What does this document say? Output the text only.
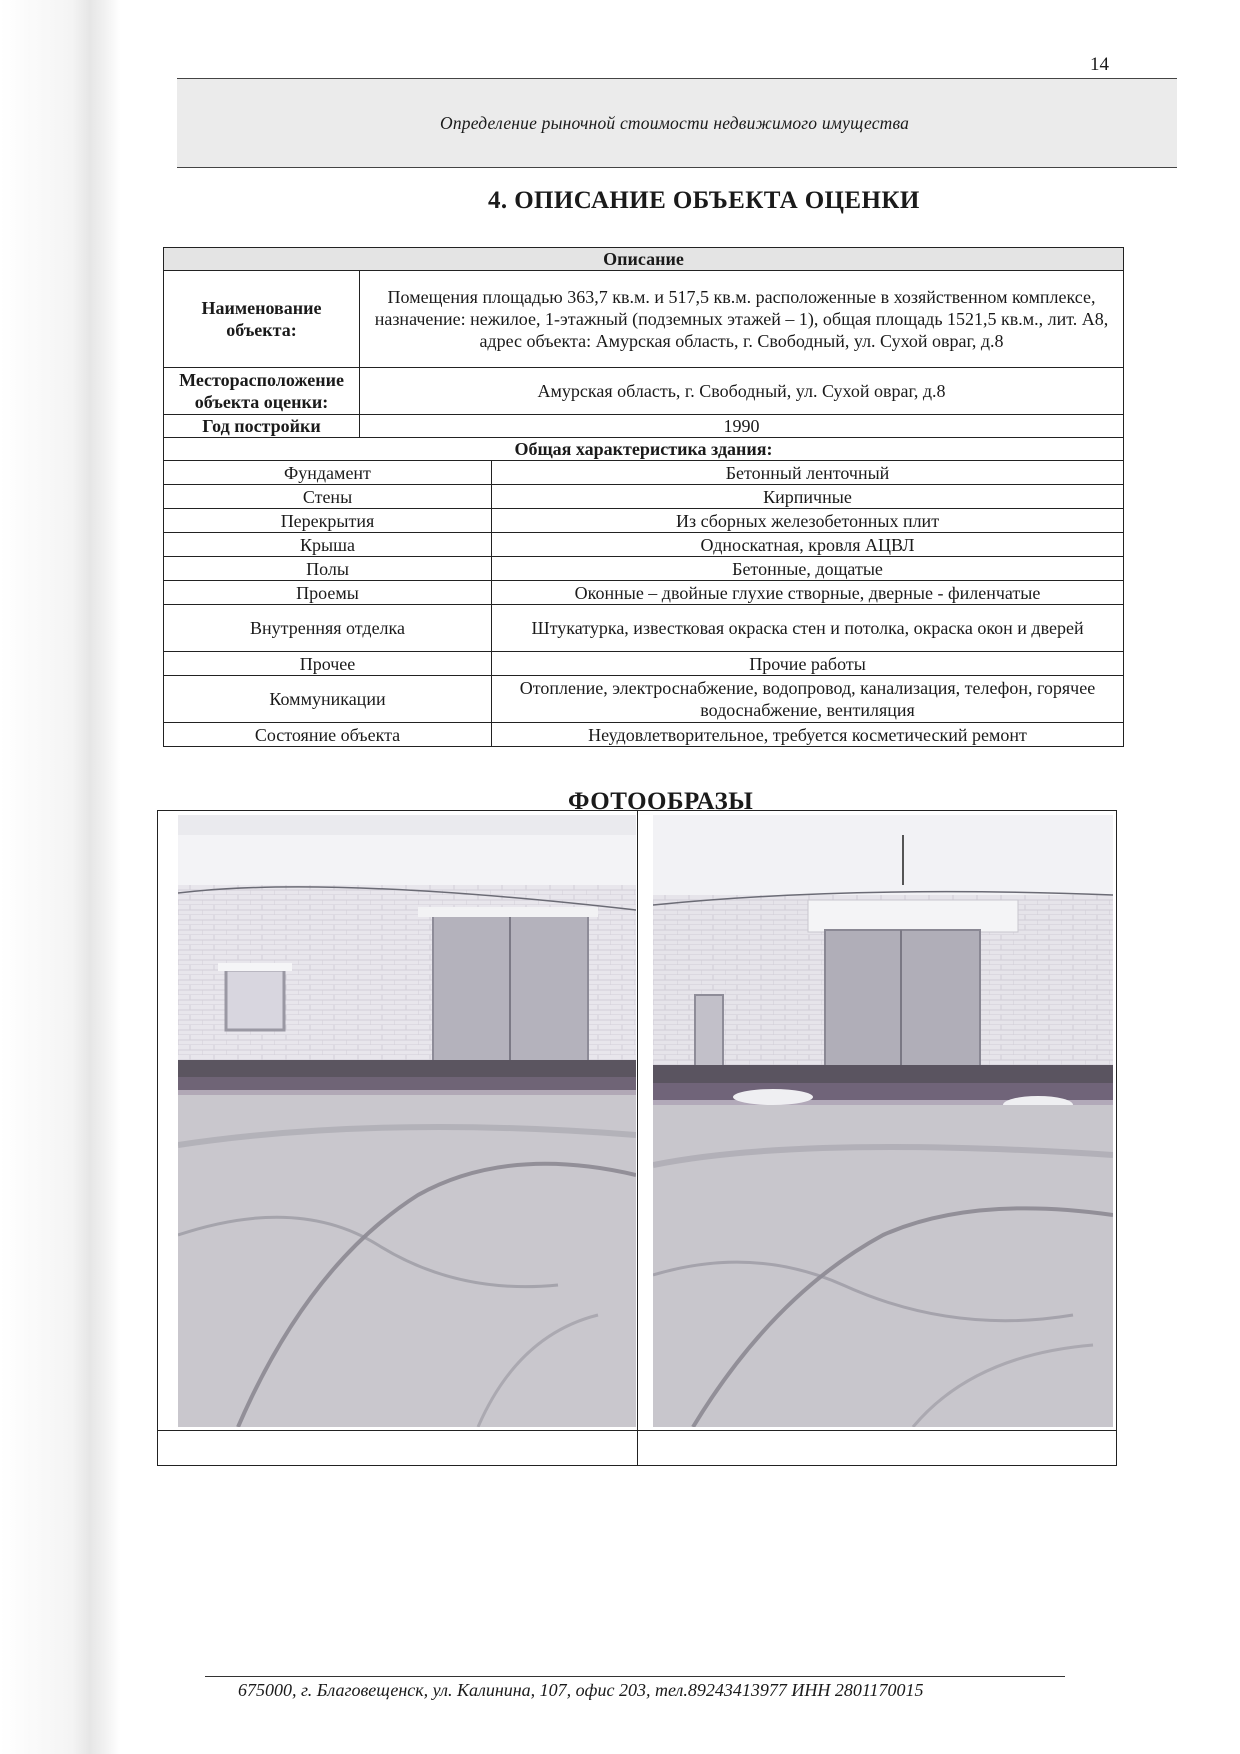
14
Определение рыночной стоимости недвижимого имущества
4. ОПИСАНИЕ ОБЪЕКТА ОЦЕНКИ
Описание		
Наименование объекта:	Помещения площадью 363,7 кв.м. и 517,5 кв.м. расположенные в хозяйственном комплексе, назначение: нежилое, 1-этажный (подземных этажей – 1), общая площадь 1521,5 кв.м., лит. А8, адрес объекта: Амурская область, г. Свободный, ул. Сухой овраг, д.8	
Месторасположение объекта оценки:	Амурская область, г. Свободный, ул. Сухой овраг, д.8	
Год постройки	1990	
Общая характеристика здания:		
Фундамент		Бетонный ленточный
Стены		Кирпичные
Перекрытия		Из сборных железобетонных плит
Крыша		Односкатная, кровля АЦВЛ
Полы		Бетонные, дощатые
Проемы		Оконные – двойные глухие створные, дверные - филенчатые
Внутренняя отделка		Штукатурка, известковая окраска стен и потолка, окраска окон и дверей
Прочее		Прочие работы
Коммуникации		Отопление, электроснабжение, водопровод, канализация, телефон, горячее водоснабжение, вентиляция
Состояние объекта		Неудовлетворительное, требуется косметический ремонт
ФОТООБРАЗЫ
675000, г. Благовещенск, ул. Калинина, 107, офис 203, тел.89243413977 ИНН 2801170015
